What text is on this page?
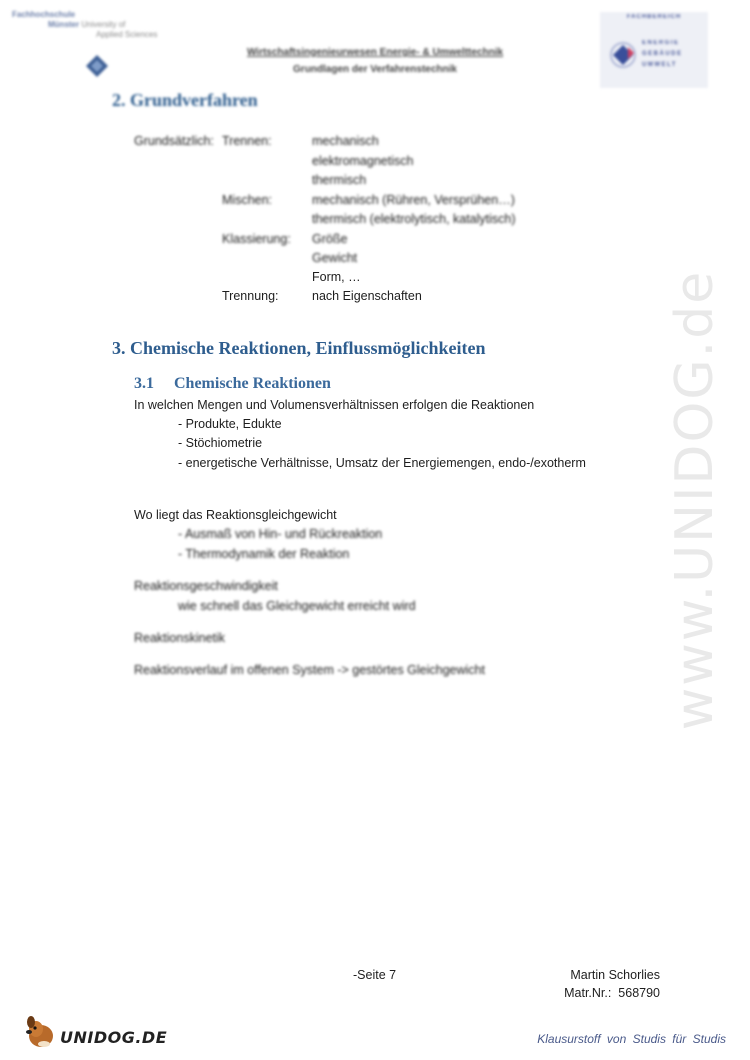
www.UNIDOG.de
Fachhochschule
Münster University of
Applied Sciences
Wirtschaftsingenieurwesen Energie- & Umwelttechnik
Grundlagen der Verfahrenstechnik
FACHBEREICH
ENERGIE
GEBÄUDE
UMWELT
2. Grundverfahren
Grundsätzlich: Trennen:	mechanisch
elektromagnetisch
thermisch
Mischen:	mechanisch (Rühren, Versprühen…)
thermisch (elektrolytisch, katalytisch)
Klassierung: Größe
Gewicht
Form, …
Trennung:	nach Eigenschaften
3. Chemische Reaktionen, Einflussmöglichkeiten
3.1     Chemische Reaktionen
In welchen Mengen und Volumensverhältnissen erfolgen die Reaktionen
- Produkte, Edukte
- Stöchiometrie
- energetische Verhältnisse, Umsatz der Energiemengen, endo-/exotherm
Wo liegt das Reaktionsgleichgewicht
- Ausmaß von Hin- und Rückreaktion
- Thermodynamik der Reaktion
Reaktionsgeschwindigkeit
wie schnell das Gleichgewicht erreicht wird
Reaktionskinetik
Reaktionsverlauf im offenen System -> gestörtes Gleichgewicht
-Seite 7	Martin Schorlies
Matr.Nr.:  568790
UNIDOG.DE	Klausurstoff von Studis für Studis
